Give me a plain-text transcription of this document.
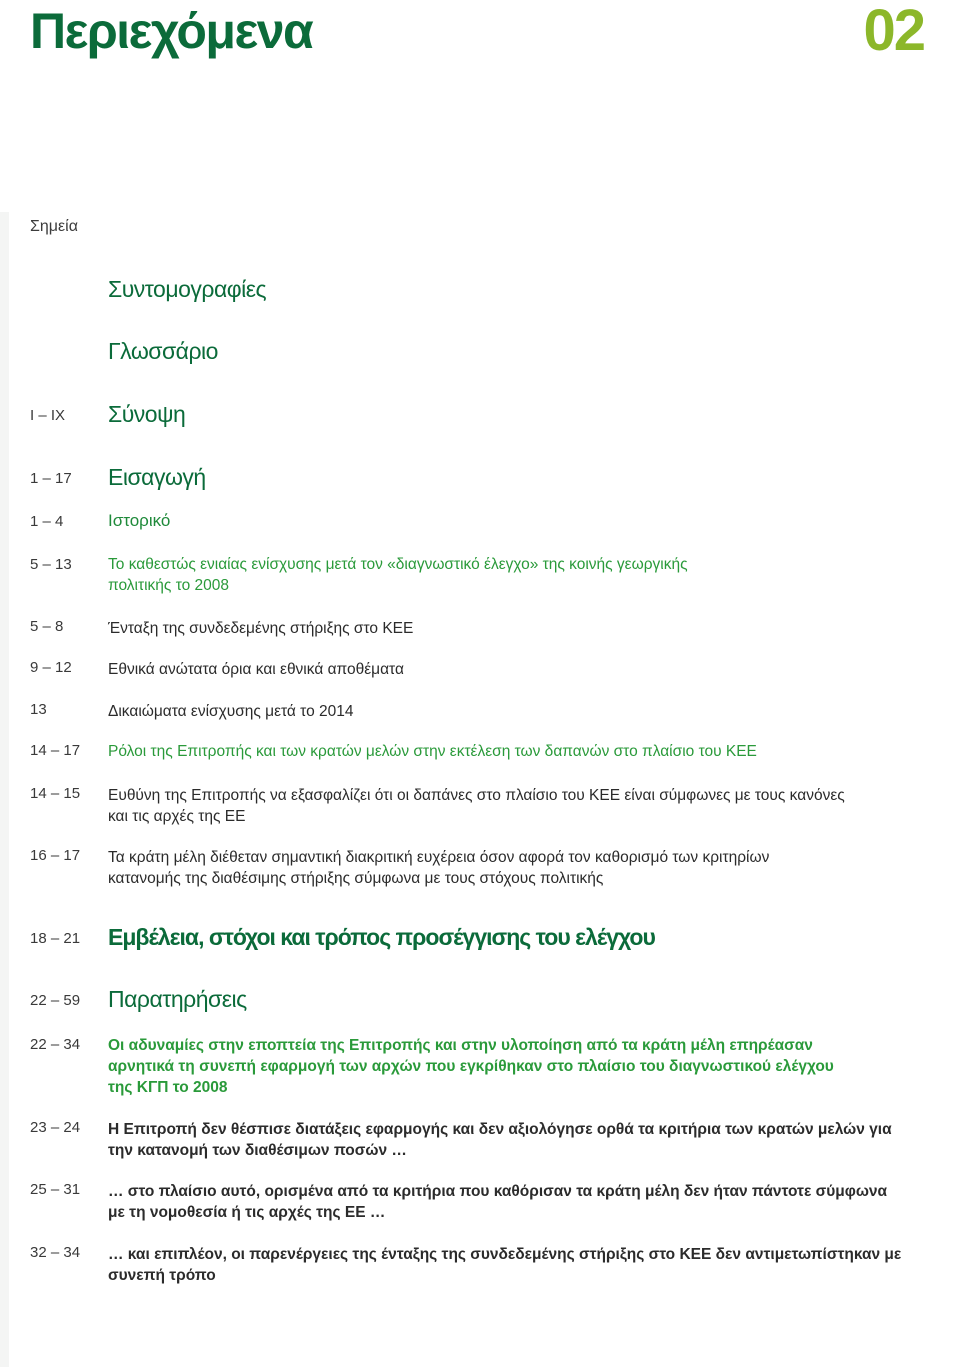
Περιεχόμενα	02
Σημεία
Συντομογραφίες
Γλωσσάριο
I – IX	Σύνοψη
1 – 17	Εισαγωγή
1 – 4	Ιστορικό
5 – 13	Το καθεστώς ενιαίας ενίσχυσης μετά τον «διαγνωστικό έλεγχο» της κοινής γεωργικής
πολιτικής το 2008
5 – 8	Ένταξη της συνδεδεμένης στήριξης στο ΚΕΕ
9 – 12	Εθνικά ανώτατα όρια και εθνικά αποθέματα
13	Δικαιώματα ενίσχυσης μετά το 2014
14 – 17	Ρόλοι της Επιτροπής και των κρατών μελών στην εκτέλεση των δαπανών στο πλαίσιο του ΚΕΕ
14 – 15	Ευθύνη της Επιτροπής να εξασφαλίζει ότι οι δαπάνες στο πλαίσιο του ΚΕΕ είναι σύμφωνες με τους κανόνες
και τις αρχές της ΕΕ
16 – 17	Τα κράτη μέλη διέθεταν σημαντική διακριτική ευχέρεια όσον αφορά τον καθορισμό των κριτηρίων
κατανομής της διαθέσιμης στήριξης σύμφωνα με τους στόχους πολιτικής
18 – 21	Εμβέλεια, στόχοι και τρόπος προσέγγισης του ελέγχου
22 – 59	Παρατηρήσεις
22 – 34	Οι αδυναμίες στην εποπτεία της Επιτροπής και στην υλοποίηση από τα κράτη μέλη επηρέασαν
αρνητικά τη συνεπή εφαρμογή των αρχών που εγκρίθηκαν στο πλαίσιο του διαγνωστικού ελέγχου
της ΚΓΠ το 2008
23 – 24	Η Επιτροπή δεν θέσπισε διατάξεις εφαρμογής και δεν αξιολόγησε ορθά τα κριτήρια των κρατών μελών για
την κατανομή των διαθέσιμων ποσών …
25 – 31	… στο πλαίσιο αυτό, ορισμένα από τα κριτήρια που καθόρισαν τα κράτη μέλη δεν ήταν πάντοτε σύμφωνα
με τη νομοθεσία ή τις αρχές της ΕΕ …
32 – 34	… και επιπλέον, οι παρενέργειες της ένταξης της συνδεδεμένης στήριξης στο ΚΕΕ δεν αντιμετωπίστηκαν με
συνεπή τρόπο
